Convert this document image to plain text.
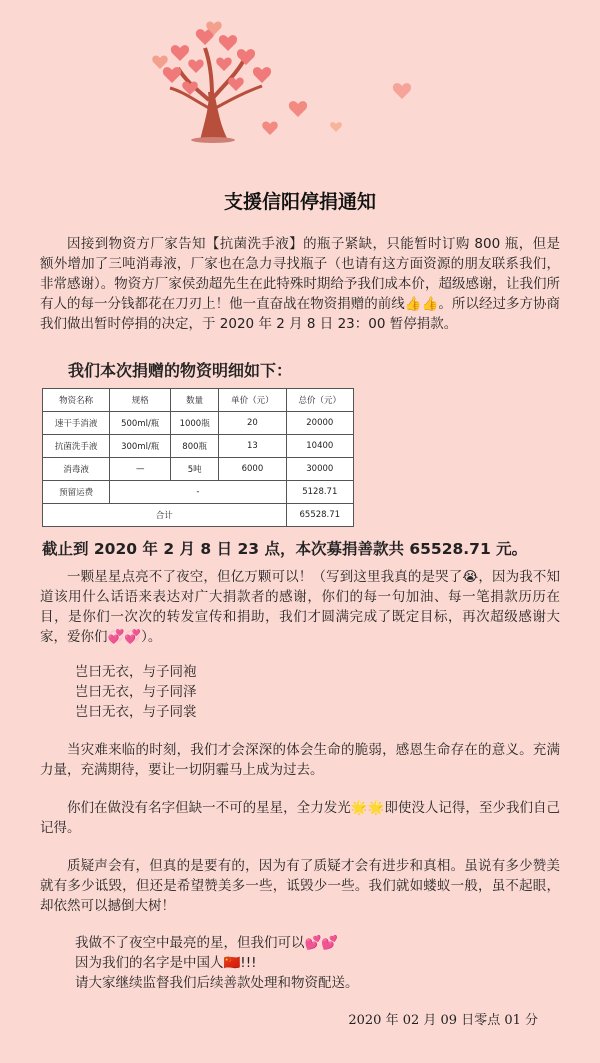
支援信阳停捐通知
因接到物资方厂家告知【抗菌洗手液】的瓶子紧缺，只能暂时订购 800 瓶，但是额外增加了三吨消毒液，厂家也在急力寻找瓶子（也请有这方面资源的朋友联系我们，非常感谢）。物资方厂家侯劲超先生在此特殊时期给予我们成本价，超级感谢，让我们所有人的每一分钱都花在刀刃上！他一直奋战在物资捐赠的前线👍👍。所以经过多方协商我们做出暂时停捐的决定，于 2020 年 2 月 8 日 23：00 暂停捐款。
我们本次捐赠的物资明细如下：
物资名称	规格	数量	单价（元）	总价（元）
速干手消液	500ml/瓶	1000瓶	20	20000
抗菌洗手液	300ml/瓶	800瓶	13	10400
消毒液	—	5吨	6000	30000
预留运费	-			5128.71
合计				65528.71
截止到 2020 年 2 月 8 日 23 点，本次募捐善款共 65528.71 元。
一颗星星点亮不了夜空，但亿万颗可以！（写到这里我真的是哭了😭，因为我不知道该用什么话语来表达对广大捐款者的感谢，你们的每一句加油、每一笔捐款历历在目，是你们一次次的转发宣传和捐助，我们才圆满完成了既定目标，再次超级感谢大家，爱你们💞💞）。
岂曰无衣，与子同袍
岂曰无衣，与子同泽
岂曰无衣，与子同裳
当灾难来临的时刻，我们才会深深的体会生命的脆弱，感恩生命存在的意义。充满力量，充满期待，要让一切阴霾马上成为过去。
你们在做没有名字但缺一不可的星星，全力发光🌟🌟即使没人记得，至少我们自己记得。
质疑声会有，但真的是要有的，因为有了质疑才会有进步和真相。虽说有多少赞美就有多少诋毁，但还是希望赞美多一些，诋毁少一些。我们就如蝼蚁一般，虽不起眼，却依然可以撼倒大树！
我做不了夜空中最亮的星，但我们可以💕💕
因为我们的名字是中国人🇨🇳!!!
请大家继续监督我们后续善款处理和物资配送。
2020 年 02 月 09 日零点 01 分
